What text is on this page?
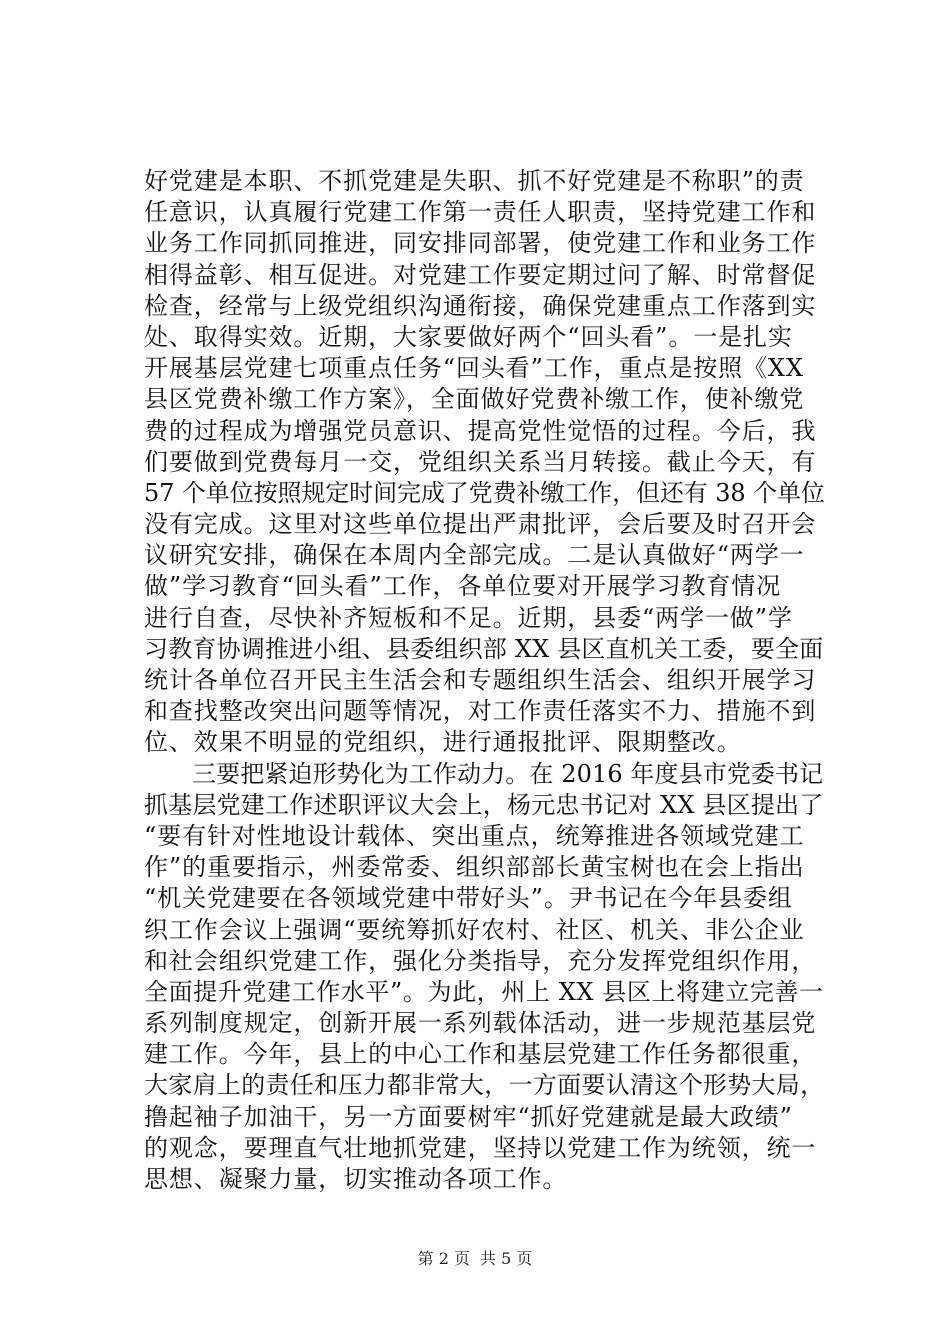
好党建是本职、不抓党建是失职、抓不好党建是不称职”的责
任意识，认真履行党建工作第一责任人职责，坚持党建工作和
业务工作同抓同推进，同安排同部署，使党建工作和业务工作
相得益彰、相互促进。对党建工作要定期过问了解、时常督促
检查，经常与上级党组织沟通衔接，确保党建重点工作落到实
处、取得实效。近期，大家要做好两个“回头看”。一是扎实
开展基层党建七项重点任务“回头看”工作，重点是按照《XX
县区党费补缴工作方案》，全面做好党费补缴工作，使补缴党
费的过程成为增强党员意识、提高党性觉悟的过程。今后，我
们要做到党费每月一交，党组织关系当月转接。截止今天，有
57 个单位按照规定时间完成了党费补缴工作，但还有 38 个单位
没有完成。这里对这些单位提出严肃批评，会后要及时召开会
议研究安排，确保在本周内全部完成。二是认真做好“两学一
做”学习教育“回头看”工作，各单位要对开展学习教育情况
进行自查，尽快补齐短板和不足。近期，县委“两学一做”学
习教育协调推进小组、县委组织部 XX 县区直机关工委，要全面
统计各单位召开民主生活会和专题组织生活会、组织开展学习
和查找整改突出问题等情况，对工作责任落实不力、措施不到
位、效果不明显的党组织，进行通报批评、限期整改。
三要把紧迫形势化为工作动力。在 2016 年度县市党委书记
抓基层党建工作述职评议大会上，杨元忠书记对 XX 县区提出了
“要有针对性地设计载体、突出重点，统筹推进各领域党建工
作”的重要指示，州委常委、组织部部长黄宝树也在会上指出
“机关党建要在各领域党建中带好头”。尹书记在今年县委组
织工作会议上强调“要统筹抓好农村、社区、机关、非公企业
和社会组织党建工作，强化分类指导，充分发挥党组织作用，
全面提升党建工作水平”。为此，州上 XX 县区上将建立完善一
系列制度规定，创新开展一系列载体活动，进一步规范基层党
建工作。今年，县上的中心工作和基层党建工作任务都很重，
大家肩上的责任和压力都非常大，一方面要认清这个形势大局，
撸起袖子加油干，另一方面要树牢“抓好党建就是最大政绩”
的观念，要理直气壮地抓党建，坚持以党建工作为统领，统一
思想、凝聚力量，切实推动各项工作。
第 2 页 共 5 页
